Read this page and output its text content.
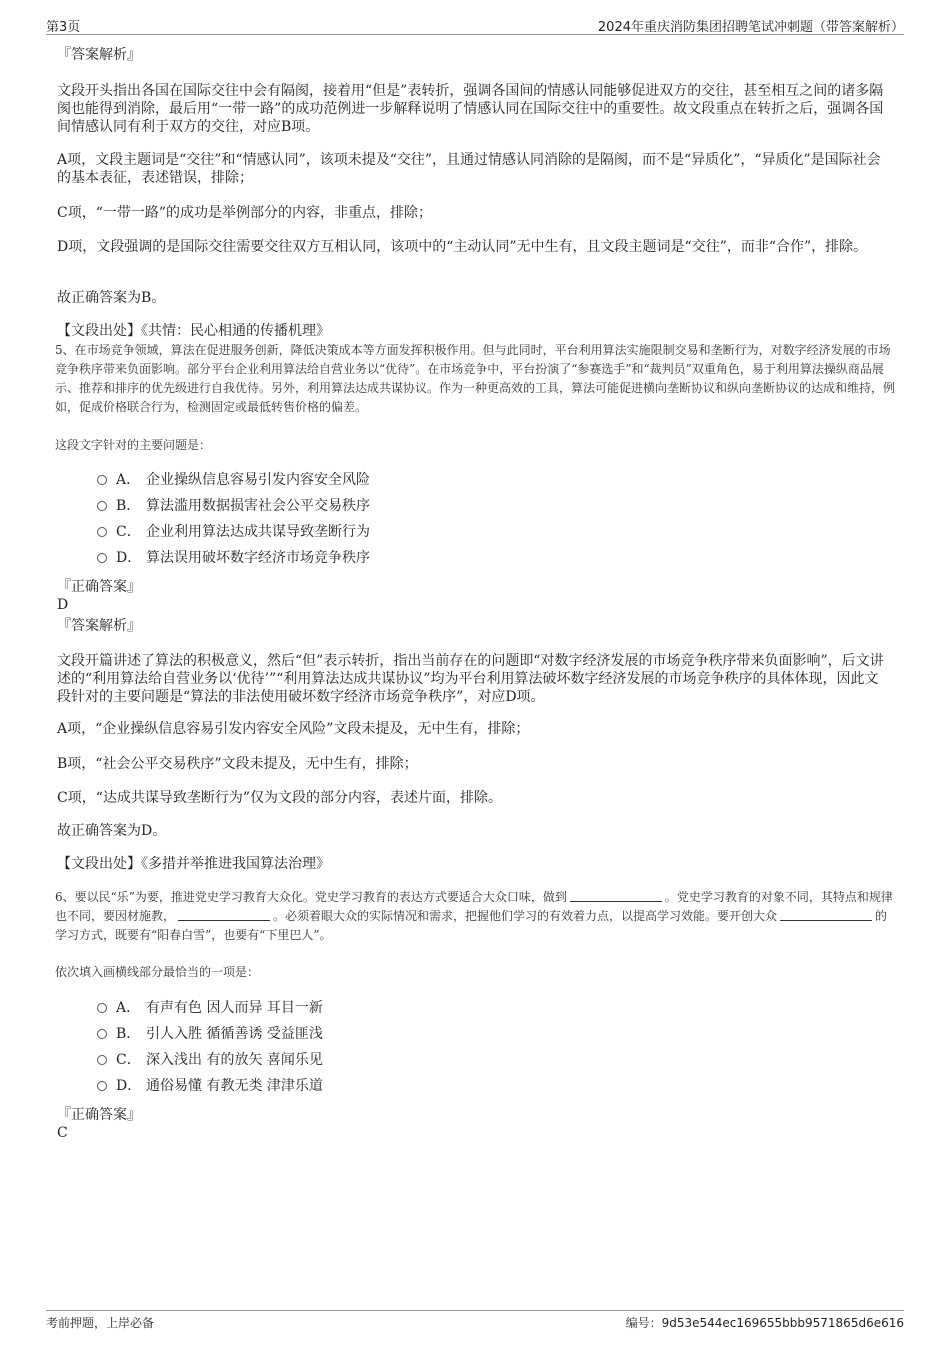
第3页	2024年重庆消防集团招聘笔试冲刺题（带答案解析）
『答案解析』
文段开头指出各国在国际交往中会有隔阂，接着用“但是”表转折，强调各国间的情感认同能够促进双方的交往，甚至相互之间的诸多隔阂也能得到消除，最后用“一带一路”的成功范例进一步解释说明了情感认同在国际交往中的重要性。故文段重点在转折之后，强调各国间情感认同有利于双方的交往，对应B项。
A项，文段主题词是“交往”和“情感认同”，该项未提及“交往”，且通过情感认同消除的是隔阂，而不是“异质化”，“异质化”是国际社会的基本表征，表述错误，排除；
C项，“一带一路”的成功是举例部分的内容，非重点，排除；
D项，文段强调的是国际交往需要交往双方互相认同，该项中的“主动认同”无中生有，且文段主题词是“交往”，而非“合作”，排除。
故正确答案为B。
【文段出处】《共情：民心相通的传播机理》
5、在市场竞争领域，算法在促进服务创新，降低决策成本等方面发挥积极作用。但与此同时，平台利用算法实施限制交易和垄断行为，对数字经济发展的市场竞争秩序带来负面影响。部分平台企业利用算法给自营业务以“优待”。在市场竞争中，平台扮演了“参赛选手”和“裁判员”双重角色，易于利用算法操纵商品展示、推荐和排序的优先级进行自我优待。另外，利用算法达成共谋协议。作为一种更高效的工具，算法可能促进横向垄断协议和纵向垄断协议的达成和维持，例如，促成价格联合行为，检测固定或最低转售价格的偏差。
这段文字针对的主要问题是：
A． 企业操纵信息容易引发内容安全风险
B． 算法滥用数据损害社会公平交易秩序
C． 企业利用算法达成共谋导致垄断行为
D． 算法误用破坏数字经济市场竞争秩序
『正确答案』
D
『答案解析』
文段开篇讲述了算法的积极意义，然后“但”表示转折，指出当前存在的问题即“对数字经济发展的市场竞争秩序带来负面影响”，后文讲述的“利用算法给自营业务以‘优待’”“利用算法达成共谋协议”均为平台利用算法破坏数字经济发展的市场竞争秩序的具体体现，因此文段针对的主要问题是“算法的非法使用破坏数字经济市场竞争秩序”，对应D项。
A项，“企业操纵信息容易引发内容安全风险”文段未提及，无中生有，排除；
B项，“社会公平交易秩序”文段未提及，无中生有，排除；
C项，“达成共谋导致垄断行为”仅为文段的部分内容，表述片面，排除。
故正确答案为D。
【文段出处】《多措并举推进我国算法治理》
6、要以民“乐”为要，推进党史学习教育大众化。党史学习教育的表达方式要适合大众口味，做到	。党史学习教育的对象不同，其特点和规律也不同，要因材施教，	。必须着眼大众的实际情况和需求，把握他们学习的有效着力点，以提高学习效能。要开创大众	的学习方式，既要有“阳春白雪”，也要有“下里巴人”。
依次填入画横线部分最恰当的一项是：
A． 有声有色 因人而异 耳目一新
B． 引人入胜 循循善诱 受益匪浅
C． 深入浅出 有的放矢 喜闻乐见
D． 通俗易懂 有教无类 津津乐道
『正确答案』
C
考前押题，上岸必备	编号：9d53e544ec169655bbb9571865d6e616
